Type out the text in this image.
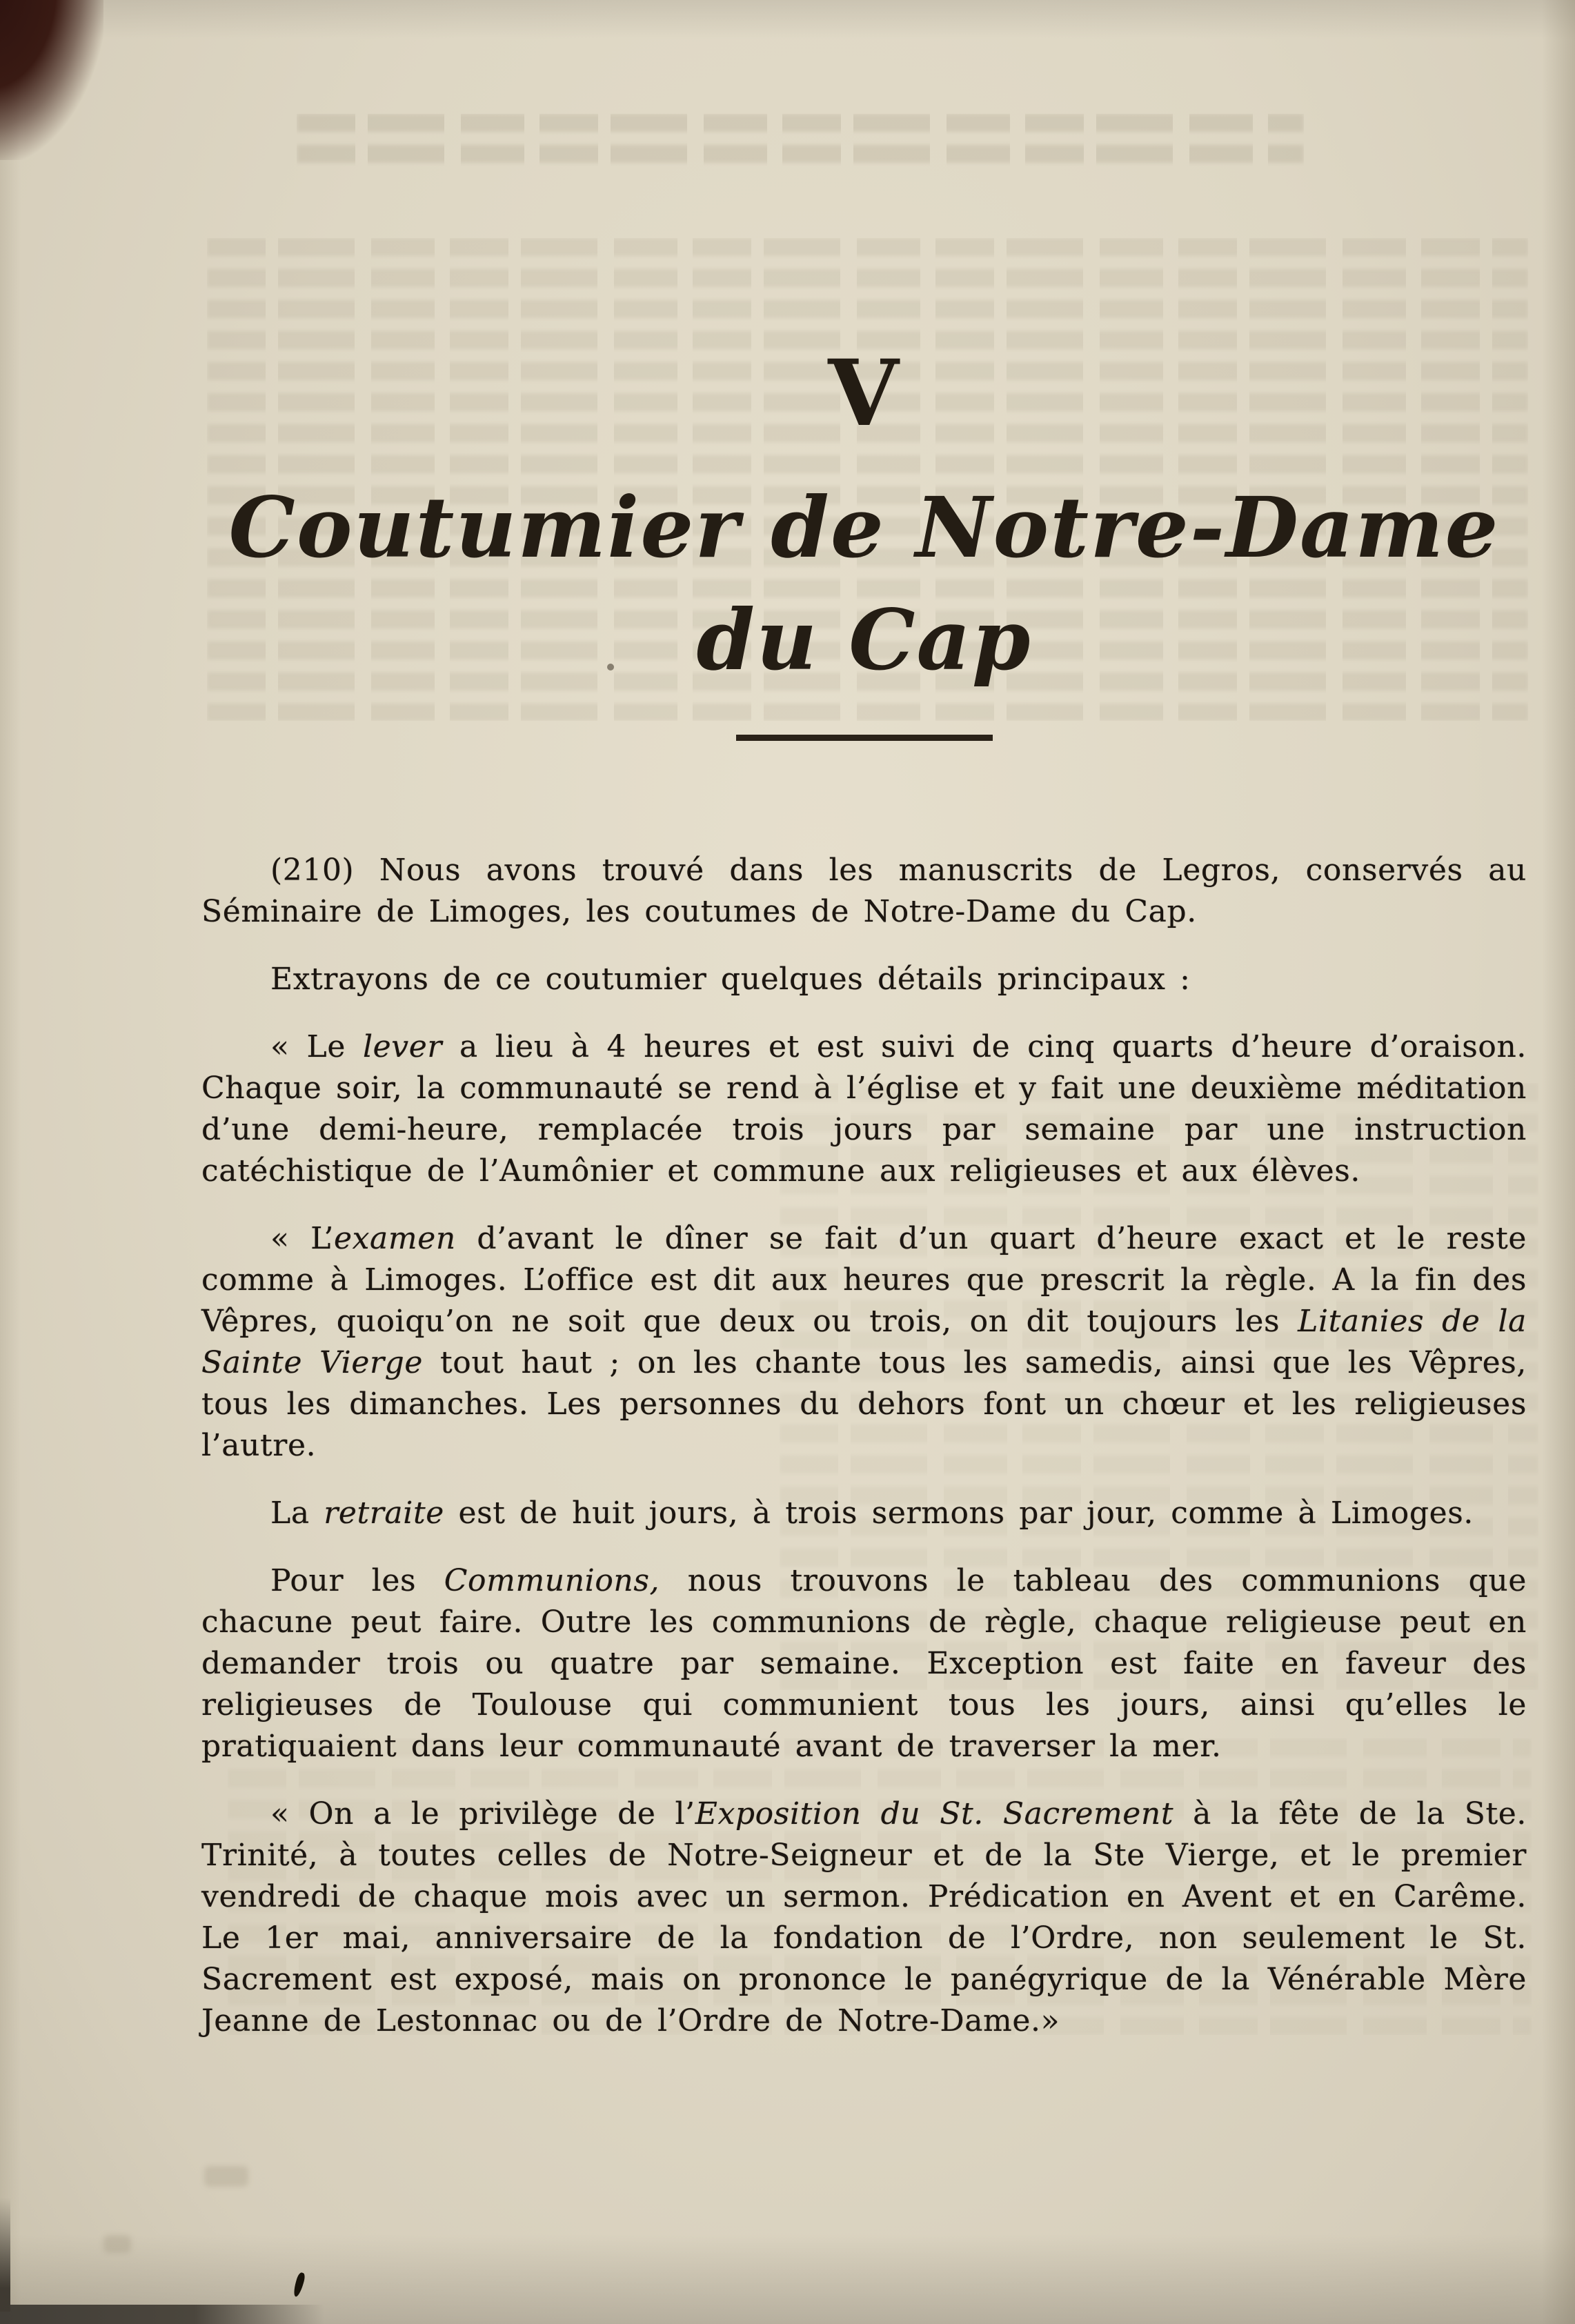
V
Coutumier de Notre-Dame
du Cap

(210) Nous avons trouvé dans les manuscrits de Legros, conservés au Séminaire de Limoges, les coutumes de Notre-Dame du Cap.

Extrayons de ce coutumier quelques détails principaux :

« Le lever a lieu à 4 heures et est suivi de cinq quarts d’heure d’oraison. Chaque soir, la communauté se rend à l’église et y fait une deuxième méditation d’une demi-heure, remplacée trois jours par semaine par une instruction catéchistique de l’Aumônier et commune aux religieuses et aux élèves.

« L’examen d’avant le dîner se fait d’un quart d’heure exact et le reste comme à Limoges. L’office est dit aux heures que prescrit la règle. A la fin des Vêpres, quoiqu’on ne soit que deux ou trois, on dit toujours les Litanies de la Sainte Vierge tout haut ; on les chante tous les samedis, ainsi que les Vêpres, tous les dimanches. Les personnes du dehors font un chœur et les religieuses l’autre.

La retraite est de huit jours, à trois sermons par jour, comme à Limoges.

Pour les Communions, nous trouvons le tableau des communions que chacune peut faire. Outre les communions de règle, chaque religieuse peut en demander trois ou quatre par semaine. Exception est faite en faveur des religieuses de Toulouse qui communient tous les jours, ainsi qu’elles le pratiquaient dans leur communauté avant de traverser la mer.

« On a le privilège de l’Exposition du St. Sacrement à la fête de la Ste. Trinité, à toutes celles de Notre-Seigneur et de la Ste Vierge, et le premier vendredi de chaque mois avec un sermon. Prédication en Avent et en Carême. Le 1er mai, anniversaire de la fondation de l’Ordre, non seulement le St. Sacrement est exposé, mais on prononce le panégyrique de la Vénérable Mère Jeanne de Lestonnac ou de l’Ordre de Notre-Dame.»
